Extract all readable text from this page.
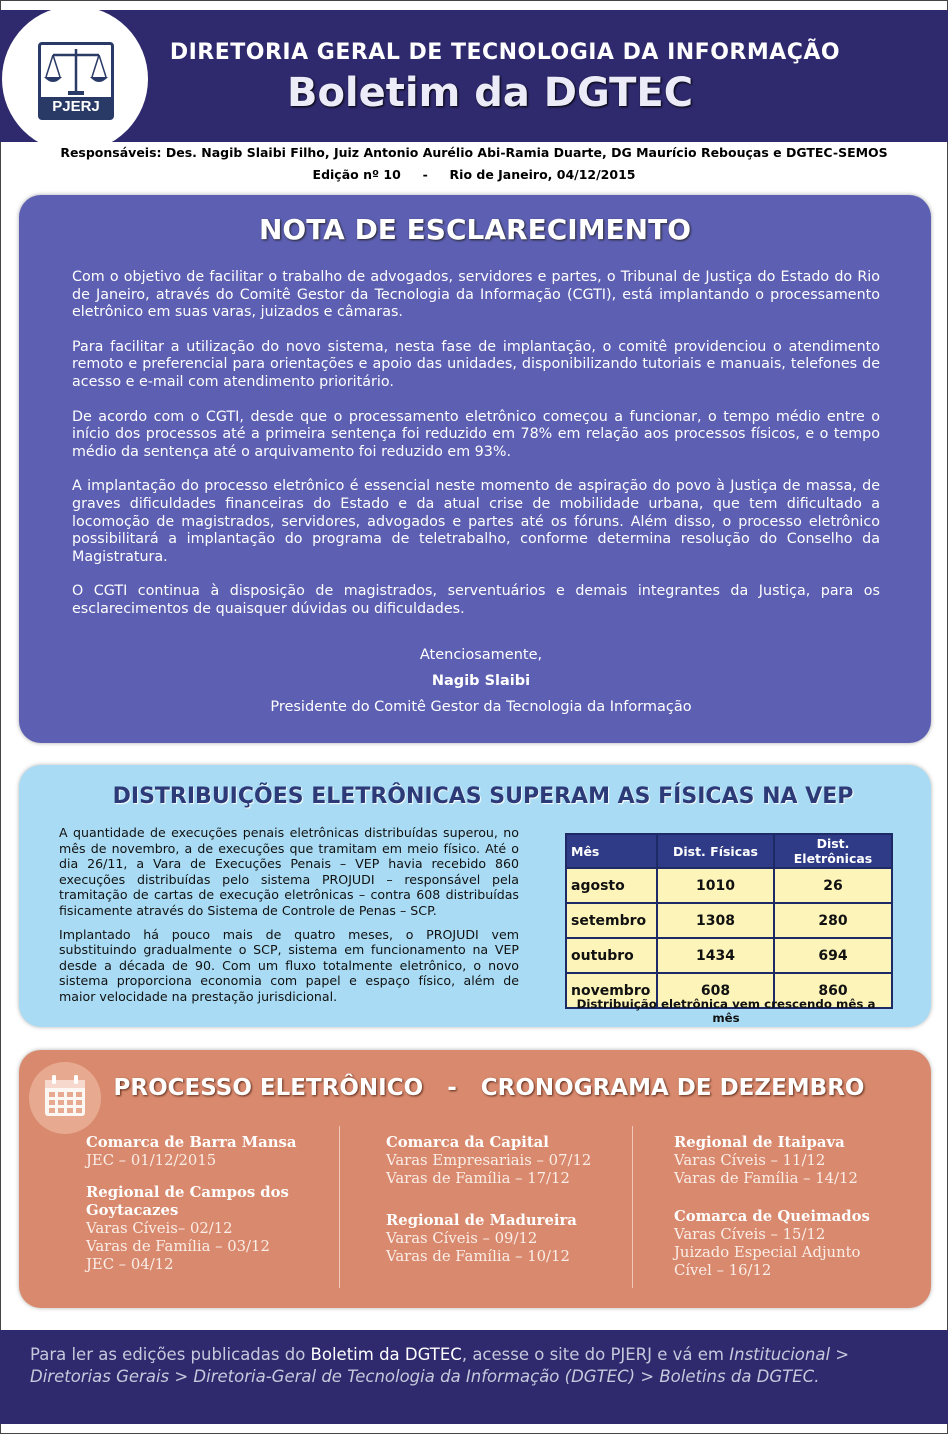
DIRETORIA GERAL DE TECNOLOGIA DA INFORMAÇÃO
Boletim da DGTEC
PJERJ
Responsáveis: Des. Nagib Slaibi Filho, Juiz Antonio Aurélio Abi-Ramia Duarte, DG Maurício Rebouças e DGTEC-SEMOS
Edição nº 10 - Rio de Janeiro, 04/12/2015
NOTA DE ESCLARECIMENTO

Com o objetivo de facilitar o trabalho de advogados, servidores e partes, o Tribunal de Justiça do Estado do Rio de Janeiro, através do Comitê Gestor da Tecnologia da Informação (CGTI), está implantando o processamento eletrônico em suas varas, juizados e câmaras.

Para facilitar a utilização do novo sistema, nesta fase de implantação, o comitê providenciou o atendimento remoto e preferencial para orientações e apoio das unidades, disponibilizando tutoriais e manuais, telefones de acesso e e-mail com atendimento prioritário.

De acordo com o CGTI, desde que o processamento eletrônico começou a funcionar, o tempo médio entre o início dos processos até a primeira sentença foi reduzido em 78% em relação aos processos físicos, e o tempo médio da sentença até o arquivamento foi reduzido em 93%.

A implantação do processo eletrônico é essencial neste momento de aspiração do povo à Justiça de massa, de graves dificuldades financeiras do Estado e da atual crise de mobilidade urbana, que tem dificultado a locomoção de magistrados, servidores, advogados e partes até os fóruns. Além disso, o processo eletrônico possibilitará a implantação do programa de teletrabalho, conforme determina resolução do Conselho da Magistratura.

O CGTI continua à disposição de magistrados, serventuários e demais integrantes da Justiça, para os esclarecimentos de quaisquer dúvidas ou dificuldades.

Atenciosamente,
Nagib Slaibi
Presidente do Comitê Gestor da Tecnologia da Informação
DISTRIBUIÇÕES ELETRÔNICAS SUPERAM AS FÍSICAS NA VEP

A quantidade de execuções penais eletrônicas distribuídas superou, no mês de novembro, a de execuções que tramitam em meio físico. Até o dia 26/11, a Vara de Execuções Penais – VEP havia recebido 860 execuções distribuídas pelo sistema PROJUDI – responsável pela tramitação de cartas de execução eletrônicas – contra 608 distribuídas fisicamente através do Sistema de Controle de Penas – SCP.

Implantado há pouco mais de quatro meses, o PROJUDI vem substituindo gradualmente o SCP, sistema em funcionamento na VEP desde a década de 90. Com um fluxo totalmente eletrônico, o novo sistema proporciona economia com papel e espaço físico, além de maior velocidade na prestação jurisdicional.

Mês	Dist. Físicas	Dist. Eletrônicas
agosto	1010	26
setembro	1308	280
outubro	1434	694
novembro	608	860
Distribuição eletrônica vem crescendo mês a mês
PROCESSO ELETRÔNICO   -   CRONOGRAMA DE DEZEMBRO
Comarca de Barra Mansa
JEC – 01/12/2015
Regional de Campos dos Goytacazes
Varas Cíveis– 02/12
Varas de Família – 03/12
JEC – 04/12
Comarca da Capital
Varas Empresariais – 07/12
Varas de Família – 17/12
Regional de Madureira
Varas Cíveis – 09/12
Varas de Família – 10/12
Regional de Itaipava
Varas Cíveis – 11/12
Varas de Família – 14/12
Comarca de Queimados
Varas Cíveis – 15/12
Juizado Especial Adjunto Cível – 16/12
Para ler as edições publicadas do Boletim da DGTEC, acesse o site do PJERJ e vá em Institucional > Diretorias Gerais > Diretoria-Geral de Tecnologia da Informação (DGTEC) > Boletins da DGTEC.
